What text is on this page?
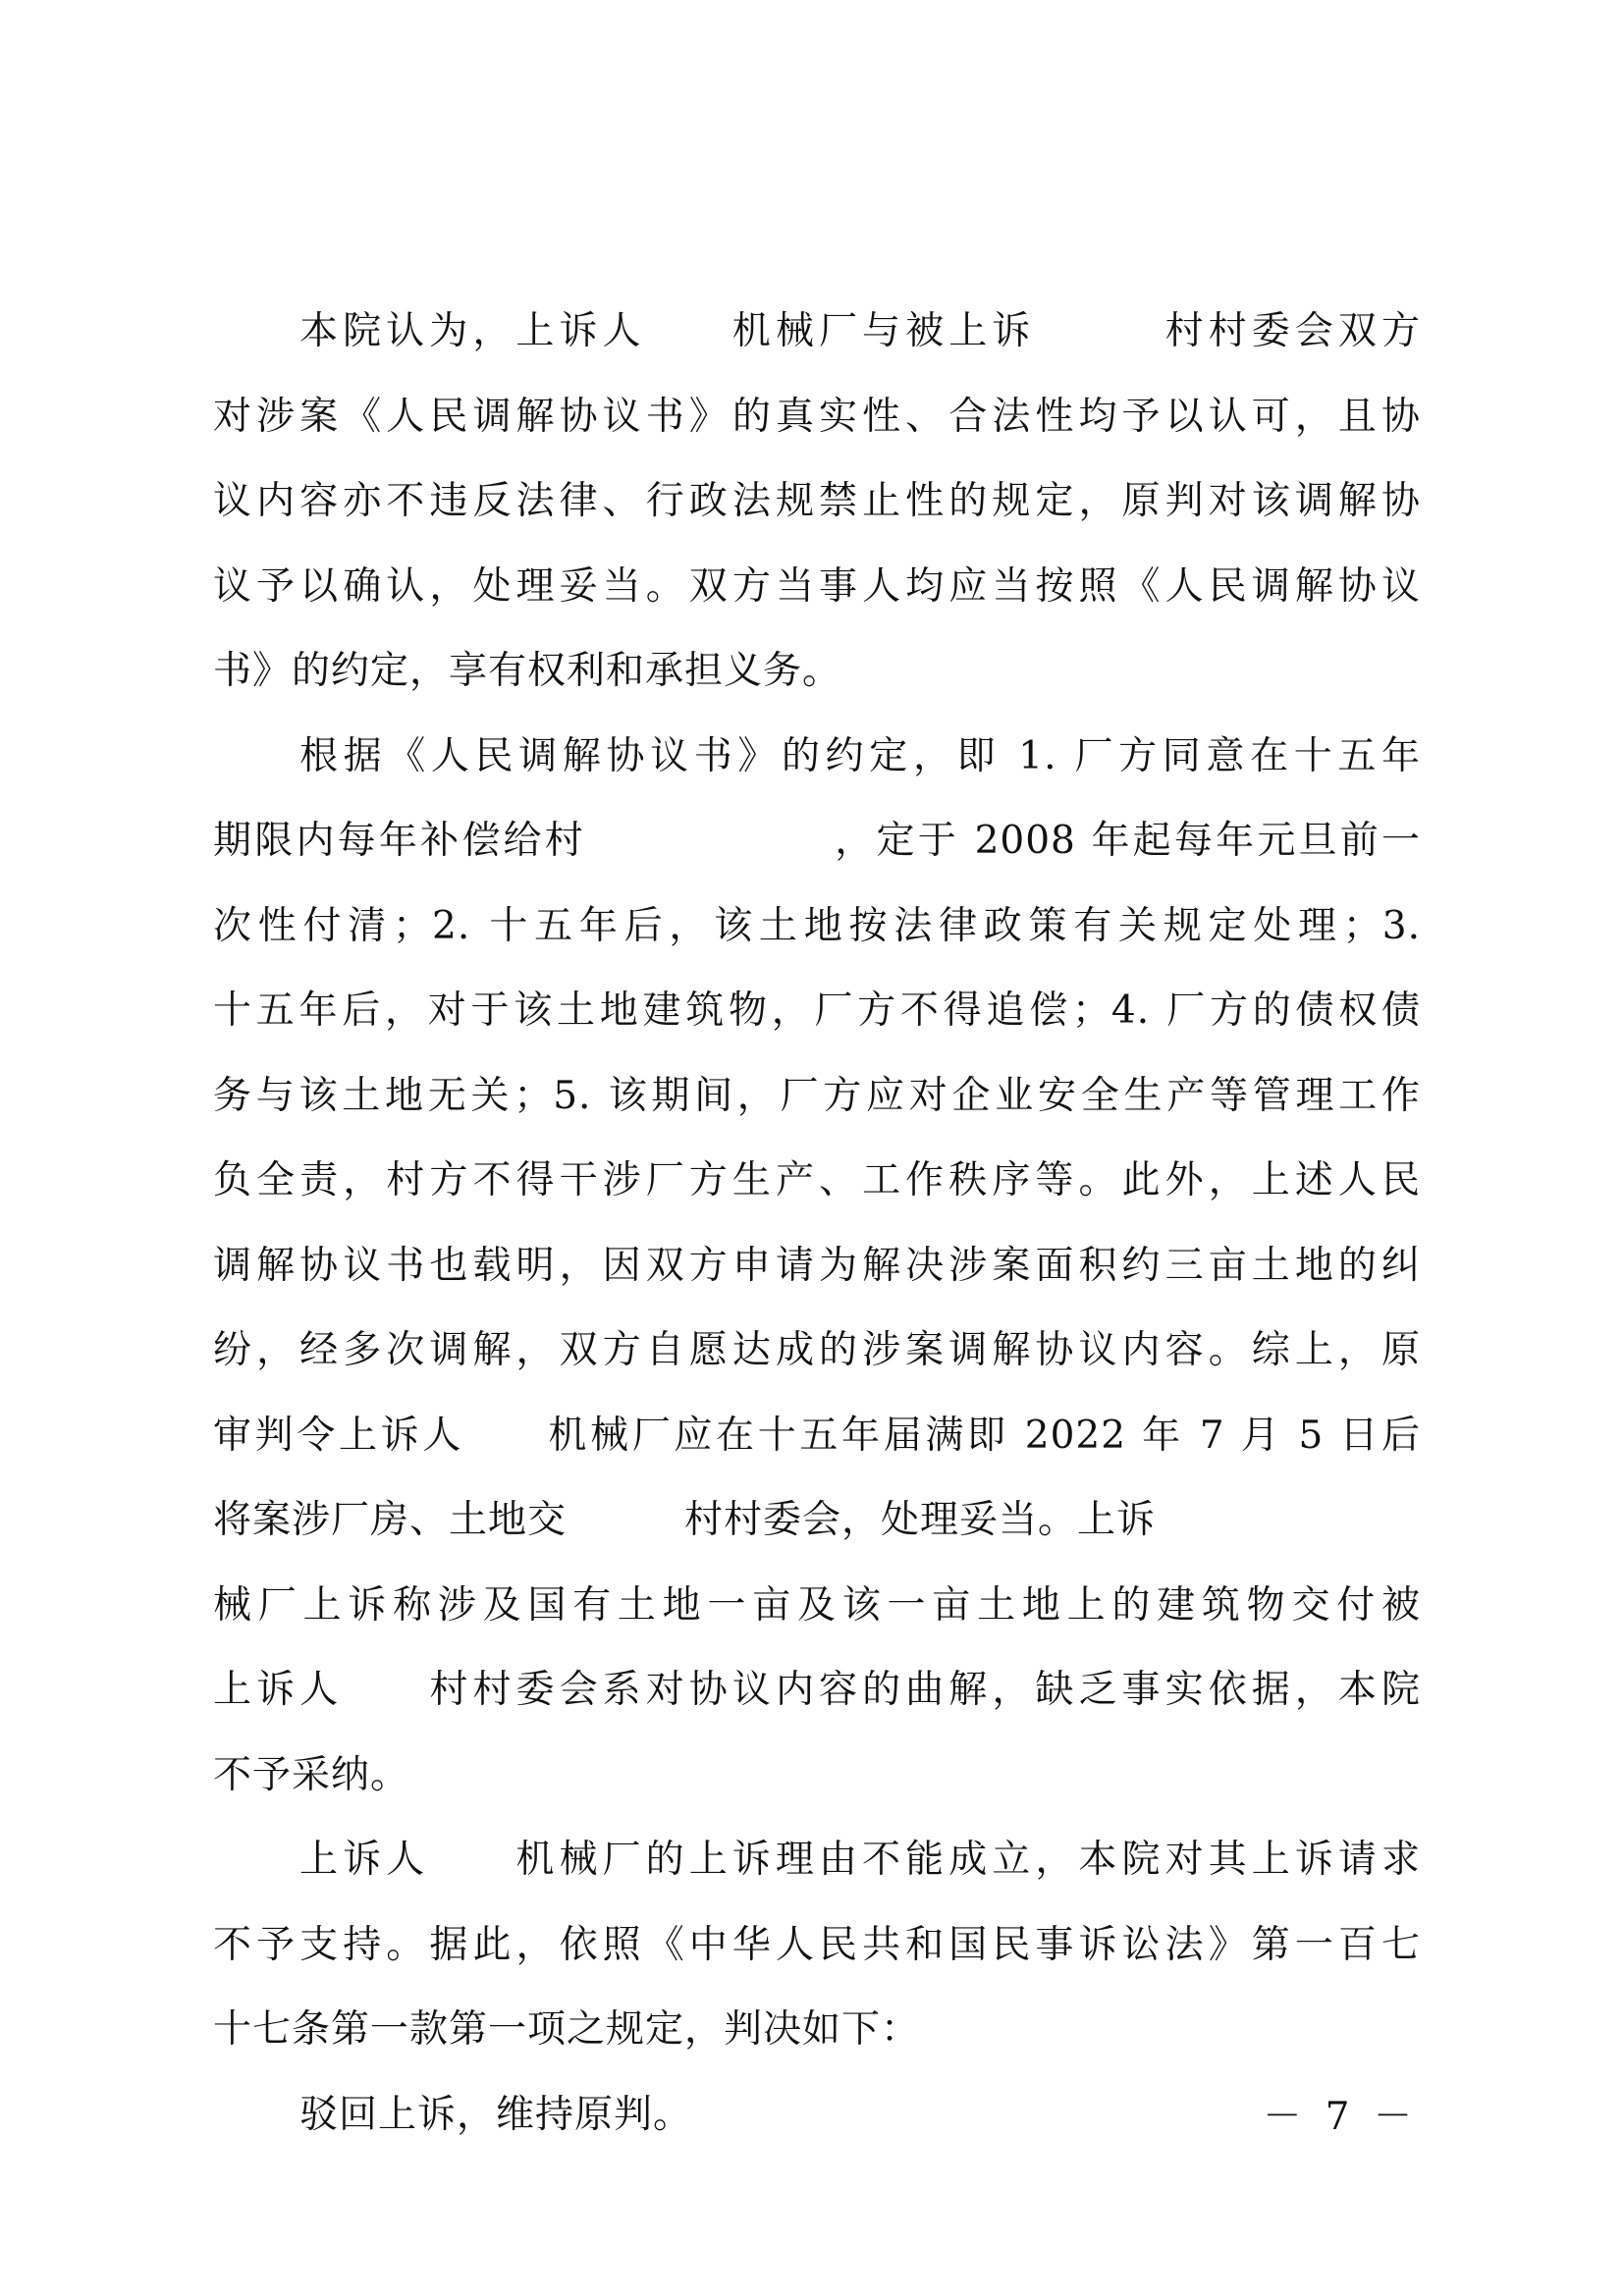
本院认为，上诉人　　机械厂与被上诉　　　村村委会双方
对涉案《人民调解协议书》的真实性、合法性均予以认可，且协
议内容亦不违反法律、行政法规禁止性的规定，原判对该调解协
议予以确认，处理妥当。双方当事人均应当按照《人民调解协议
书》的约定，享有权利和承担义务。
根据《人民调解协议书》的约定，即 1. 厂方同意在十五年
期限内每年补偿给村　　　　　　，定于 2008 年起每年元旦前一
次性付清；2. 十五年后，该土地按法律政策有关规定处理；3.
十五年后，对于该土地建筑物，厂方不得追偿；4. 厂方的债权债
务与该土地无关；5. 该期间，厂方应对企业安全生产等管理工作
负全责，村方不得干涉厂方生产、工作秩序等。此外，上述人民
调解协议书也载明，因双方申请为解决涉案面积约三亩土地的纠
纷，经多次调解，双方自愿达成的涉案调解协议内容。综上，原
审判令上诉人　　机械厂应在十五年届满即 2022 年 7 月 5 日后
将案涉厂房、土地交　　　村村委会，处理妥当。上诉
械厂上诉称涉及国有土地一亩及该一亩土地上的建筑物交付被
上诉人　　村村委会系对协议内容的曲解，缺乏事实依据，本院
不予采纳。
上诉人　　机械厂的上诉理由不能成立，本院对其上诉请求
不予支持。据此，依照《中华人民共和国民事诉讼法》第一百七
十七条第一款第一项之规定，判决如下：
驳回上诉，维持原判。	－ 7 －
